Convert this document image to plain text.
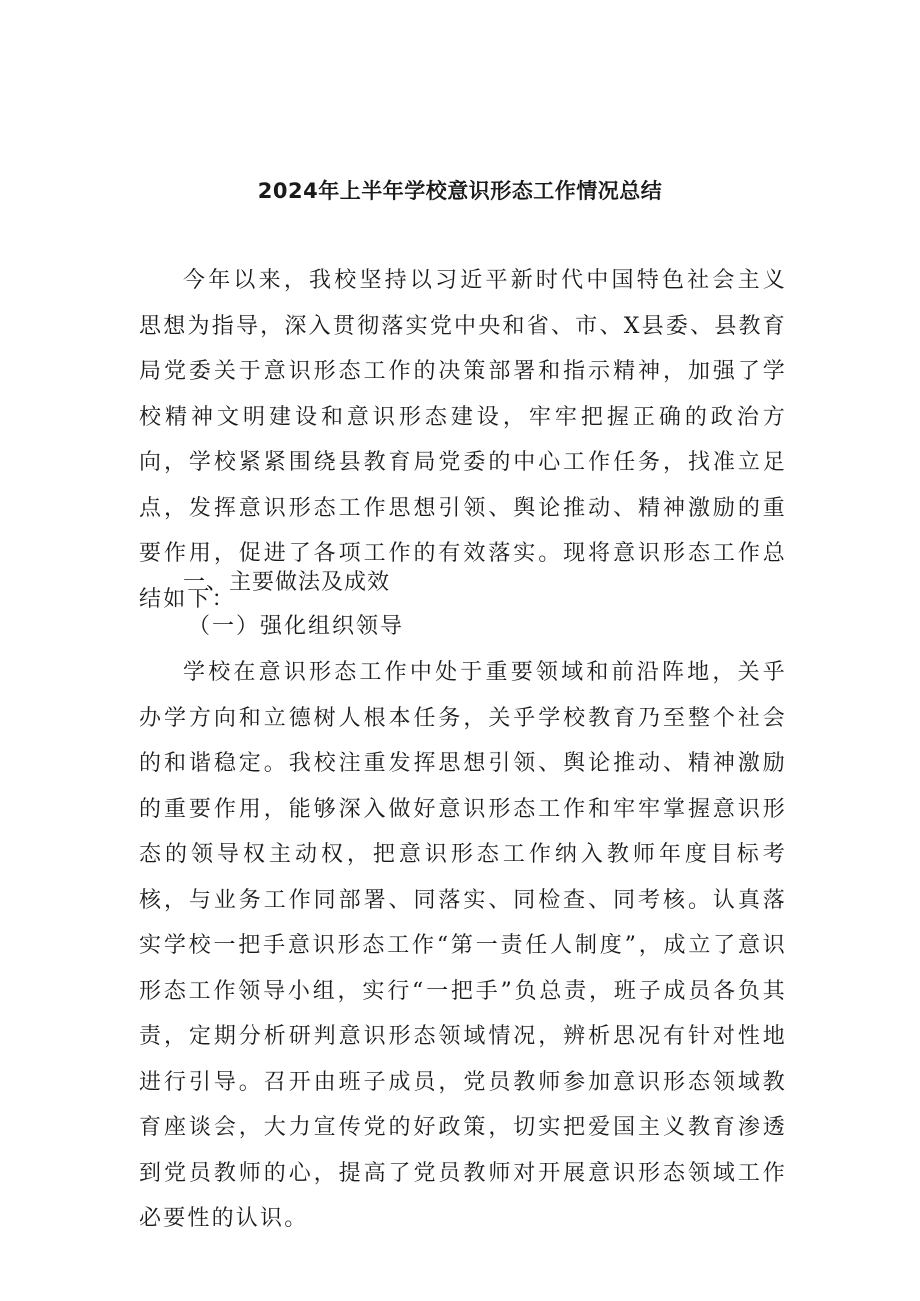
2024年上半年学校意识形态工作情况总结

今年以来，我校坚持以习近平新时代中国特色社会主义思想为指导，深入贯彻落实党中央和省、市、X县委、县教育局党委关于意识形态工作的决策部署和指示精神，加强了学校精神文明建设和意识形态建设，牢牢把握正确的政治方向，学校紧紧围绕县教育局党委的中心工作任务，找准立足点，发挥意识形态工作思想引领、舆论推动、精神激励的重要作用，促进了各项工作的有效落实。现将意识形态工作总结如下：

一、主要做法及成效
（一）强化组织领导

学校在意识形态工作中处于重要领域和前沿阵地，关乎办学方向和立德树人根本任务，关乎学校教育乃至整个社会的和谐稳定。我校注重发挥思想引领、舆论推动、精神激励的重要作用，能够深入做好意识形态工作和牢牢掌握意识形态的领导权主动权，把意识形态工作纳入教师年度目标考核，与业务工作同部署、同落实、同检查、同考核。认真落实学校一把手意识形态工作“第一责任人制度”，成立了意识形态工作领导小组，实行“一把手”负总责，班子成员各负其责，定期分析研判意识形态领域情况，辨析思况有针对性地进行引导。召开由班子成员，党员教师参加意识形态领域教育座谈会，大力宣传党的好政策，切实把爱国主义教育渗透到党员教师的心，提高了党员教师对开展意识形态领域工作必要性的认识。
